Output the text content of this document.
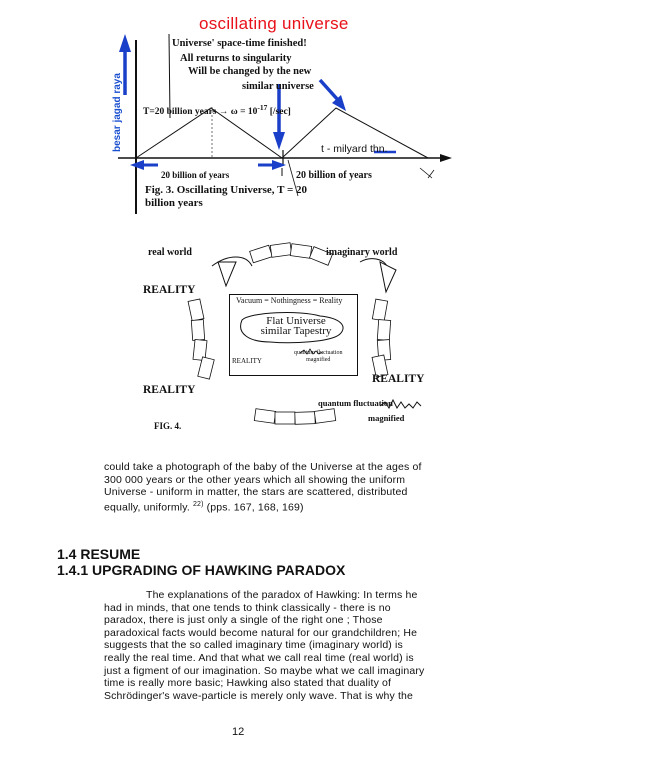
oscillating universe
Universe' space-time finished!
All returns to singularity
Will be changed by the new
similar universe
T=20 billion years → $\omega = 10^{-17}$ [/sec]
besar jagad raya	t - milyard thn.
20 billion of years	20 billion of years
Fig. 3. Oscillating Universe, T = 20
billion years
real world	imaginary world
REALITY
REALITY
REALITY
Vacuum = Nothingness = Reality
Flat Universe
similar Tapestry
REALITY
quantum fluctuation
magnified
quantum fluctuation
magnified
FIG. 4.
could take a photograph of the baby of the Universe at the ages of
300 000 years or the other years which all showing the uniform
Universe - uniform in matter, the stars are scattered, distributed
equally, uniformly. $^{22)}$ (pps. 167, 168, 169)
1.4 RESUME
1.4.1 UPGRADING OF HAWKING PARADOX
The explanations of the paradox of Hawking: In terms he
had in minds, that one tends to think classically - there is no
paradox, there is just only a single of the right one ; Those
paradoxical facts would become natural for our grandchildren; He
suggests that the so called imaginary time (imaginary world) is
really the real time. And that what we call real time (real world) is
just a figment of our imagination. So maybe what we call imaginary
time is really more basic; Hawking also stated that duality of
Schrödinger's wave-particle is merely only wave. That is why the
12
